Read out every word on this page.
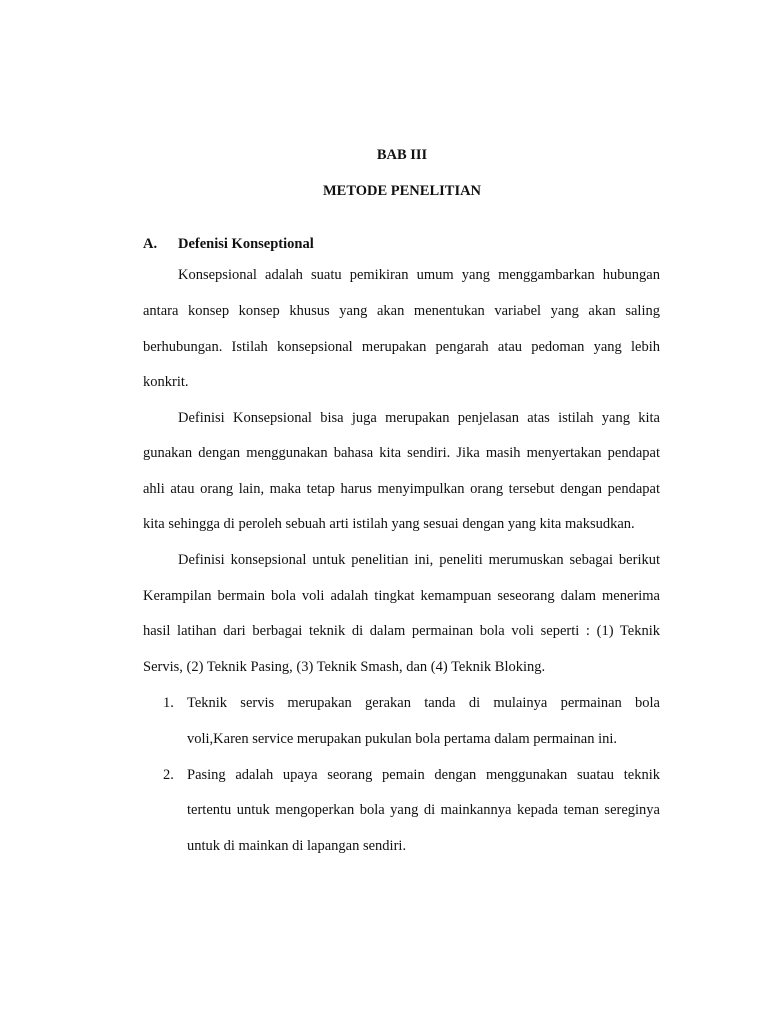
BAB III
METODE PENELITIAN
A. Defenisi Konseptional
Konsepsional adalah suatu pemikiran umum yang menggambarkan hubungan
antara konsep konsep khusus yang akan menentukan variabel yang akan saling
berhubungan. Istilah konsepsional merupakan pengarah atau pedoman yang lebih
konkrit.
Definisi Konsepsional bisa juga merupakan penjelasan atas istilah yang kita
gunakan dengan menggunakan bahasa kita sendiri. Jika masih menyertakan pendapat
ahli atau orang lain, maka tetap harus menyimpulkan orang tersebut dengan pendapat
kita sehingga di peroleh sebuah arti istilah yang sesuai dengan yang kita maksudkan.
Definisi konsepsional untuk penelitian ini, peneliti merumuskan sebagai berikut
Kerampilan bermain bola voli adalah tingkat kemampuan seseorang dalam menerima
hasil latihan dari berbagai teknik di dalam permainan bola voli seperti : (1) Teknik
Servis, (2) Teknik Pasing, (3) Teknik Smash, dan (4) Teknik Bloking.
1. Teknik servis merupakan gerakan tanda di mulainya permainan bola
voli,Karen service merupakan pukulan bola pertama dalam permainan ini.
2. Pasing adalah upaya seorang pemain dengan menggunakan suatau teknik
tertentu untuk mengoperkan bola yang di mainkannya kepada teman sereginya
untuk di mainkan di lapangan sendiri.
